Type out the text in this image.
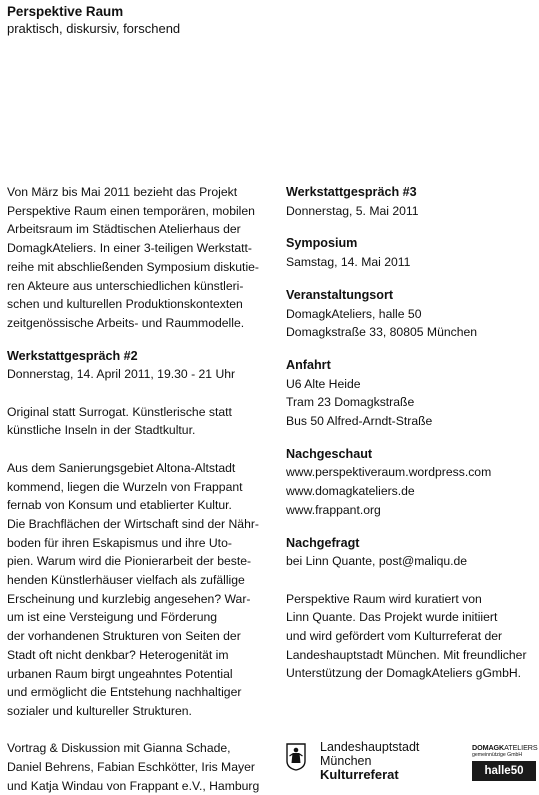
Perspektive Raum
praktisch, diskursiv, forschend

Von März bis Mai 2011 bezieht das Projekt

Perspektive Raum einen temporären, mobilen

Arbeitsraum im Städtischen Atelierhaus der

DomagkAteliers. In einer 3-teiligen Werkstatt-

reihe mit abschließenden Symposium diskutie-

ren Akteure aus unterschiedlichen künstleri-

schen und kulturellen Produktionskontexten

zeitgenössische Arbeits- und Raummodelle.

Werkstattgespräch #2

Donnerstag, 14. April 2011, 19.30 - 21 Uhr

Original statt Surrogat. Künstlerische statt

künstliche Inseln in der Stadtkultur.

Aus dem Sanierungsgebiet Altona-Altstadt

kommend, liegen die Wurzeln von Frappant

fernab von Konsum und etablierter Kultur.

Die Brachflächen der Wirtschaft sind der Nähr-

boden für ihren Eskapismus und ihre Uto-

pien. Warum wird die Pionierarbeit der beste-

henden Künstlerhäuser vielfach als zufällige

Erscheinung und kurzlebig angesehen? War-

um ist eine Versteigung und Förderung

der vorhandenen Strukturen von Seiten der

Stadt oft nicht denkbar? Heterogenität im

urbanen Raum birgt ungeahntes Potential

und ermöglicht die Entstehung nachhaltiger

sozialer und kultureller Strukturen.

Vortrag & Diskussion mit Gianna Schade,

Daniel Behrens, Fabian Eschkötter, Iris Mayer

und Katja Windau von Frappant e.V., Hamburg

Werkstattgespräch #3

Donnerstag, 5. Mai 2011

Symposium

Samstag, 14. Mai 2011

Veranstaltungsort

DomagkAteliers, halle 50

Domagkstraße 33, 80805 München

Anfahrt

U6 Alte Heide

Tram 23 Domagkstraße

Bus 50 Alfred-Arndt-Straße

Nachgeschaut

www.perspektiveraum.wordpress.com

www.domagkateliers.de

www.frappant.org

Nachgefragt

bei Linn Quante, post@maliqu.de

Perspektive Raum wird kuratiert von

Linn Quante. Das Projekt wurde initiiert

und wird gefördert vom Kulturreferat der

Landeshauptstadt München. Mit freundlicher

Unterstützung der DomagkAteliers gGmbH.

Landeshauptstadt
München
Kulturreferat
DOMAGKATELIERS
gemeinnützige GmbH
halle50
